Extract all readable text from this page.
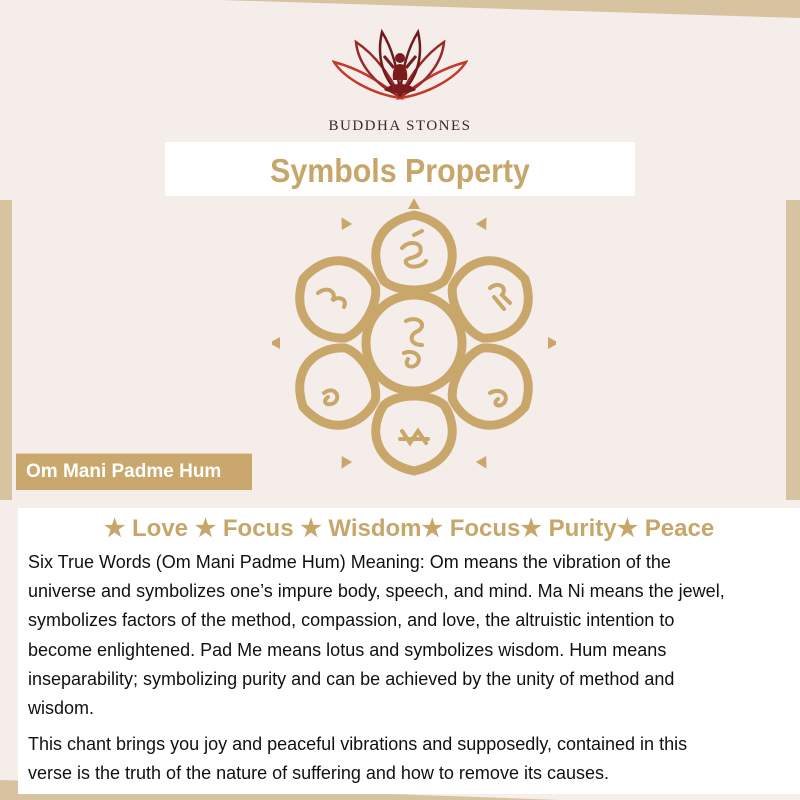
BUDDHA STONES
Symbols Property
Om Mani Padme Hum
★ Love ★ Focus ★ Wisdom★ Focus★ Purity★ Peace
Six True Words (Om Mani Padme Hum) Meaning: Om means the vibration of the
universe and symbolizes one’s impure body, speech, and mind. Ma Ni means the jewel,
symbolizes factors of the method, compassion, and love, the altruistic intention to
become enlightened. Pad Me means lotus and symbolizes wisdom. Hum means
inseparability; symbolizing purity and can be achieved by the unity of method and
wisdom.
This chant brings you joy and peaceful vibrations and supposedly, contained in this
verse is the truth of the nature of suffering and how to remove its causes.
